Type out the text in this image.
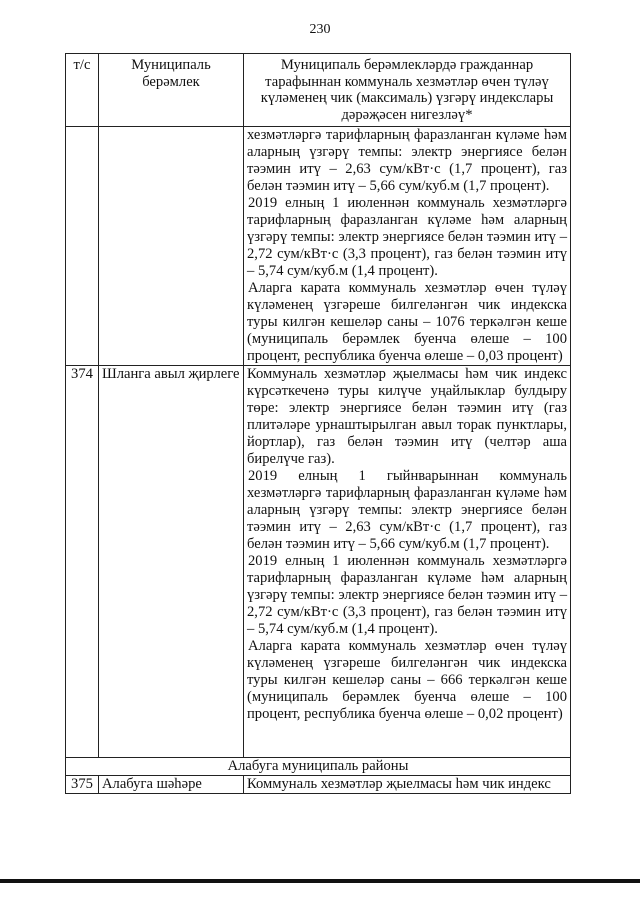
230
т/с	Муниципаль берәмлек	Муниципаль берәмлекләрдә гражданнар тарафыннан коммуналь хезмәтләр өчен түләү күләменең чик (максималь) үзгәрү индекслары дәрәҗәсен нигезләү*

		хезмәтләргә тарифларның фаразланган күләме һәм аларның үзгәрү темпы: электр энергиясе белән тәэмин итү – 2,63 сум/кВт·с (1,7 процент), газ белән тәэмин итү – 5,66 сум/куб.м (1,7 процент).

2019 елның 1 июленнән коммуналь хезмәтләргә тарифларның фаразланган күләме һәм аларның үзгәрү темпы: электр энергиясе белән тәэмин итү – 2,72 сум/кВт·с (3,3 процент), газ белән тәэмин итү – 5,74 сум/куб.м (1,4 процент).

Аларга карата коммуналь хезмәтләр өчен түләү күләменең үзгәреше билгеләнгән чик индекска туры килгән кешеләр саны – 1076 теркәлгән кеше (муниципаль берәмлек буенча өлеше – 100 процент, республика буенча өлеше – 0,03 процент)

374	Шланга авыл җирлеге	Коммуналь хезмәтләр җыелмасы һәм чик индекс күрсәткеченә туры килүче уңайлыклар булдыру төре: электр энергиясе белән тәэмин итү (газ плитәләре урнаштырылган авыл торак пунктлары, йортлар), газ белән тәэмин итү (челтәр аша бирелүче газ).

2019 елның 1 гыйнварыннан коммуналь хезмәтләргә тарифларның фаразланган күләме һәм аларның үзгәрү темпы: электр энергиясе белән тәэмин итү – 2,63 сум/кВт·с (1,7 процент), газ белән тәэмин итү – 5,66 сум/куб.м (1,7 процент).

2019 елның 1 июленнән коммуналь хезмәтләргә тарифларның фаразланган күләме һәм аларның үзгәрү темпы: электр энергиясе белән тәэмин итү – 2,72 сум/кВт·с (3,3 процент), газ белән тәэмин итү – 5,74 сум/куб.м (1,4 процент).

Аларга карата коммуналь хезмәтләр өчен түләү күләменең үзгәреше билгеләнгән чик индекска туры килгән кешеләр саны – 666 теркәлгән кеше (муниципаль берәмлек буенча өлеше – 100 процент, республика буенча өлеше – 0,02 процент)

Алабуга муниципаль районы		
375	Алабуга шәһәре	Коммуналь хезмәтләр җыелмасы һәм чик индекс
